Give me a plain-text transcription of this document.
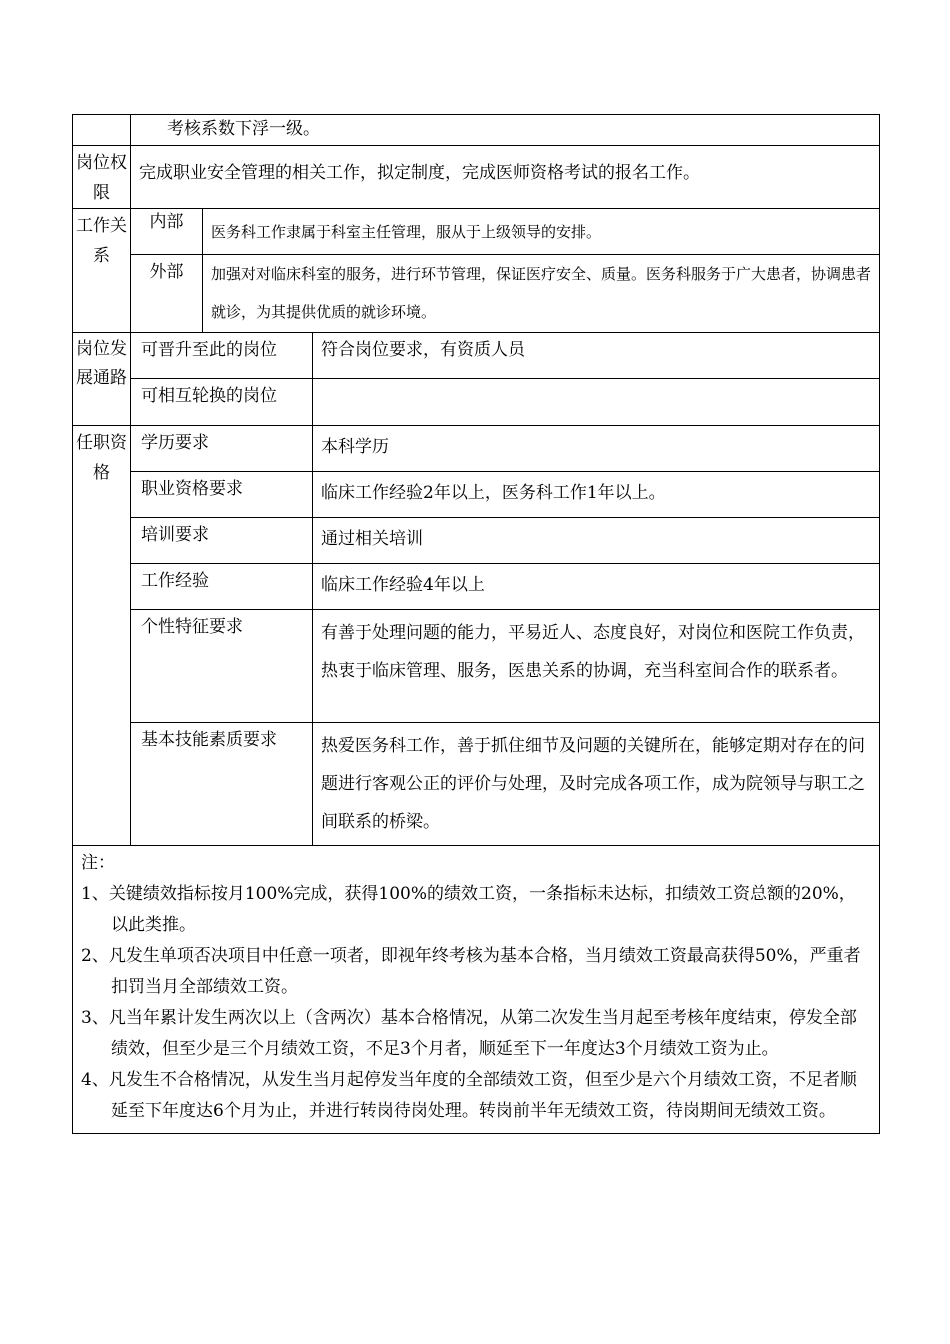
	考核系数下浮一级。		
岗位权限	完成职业安全管理的相关工作，拟定制度，完成医师资格考试的报名工作。		
工作关系	内部	医务科工作隶属于科室主任管理，服从于上级领导的安排。	
	外部	加强对对临床科室的服务，进行环节管理，保证医疗安全、质量。医务科服务于广大患者，协调患者就诊，为其提供优质的就诊环境。	
岗位发展通路	可晋升至此的岗位		符合岗位要求，有资质人员
	可相互轮换的岗位		
任职资格	学历要求		本科学历
	职业资格要求		临床工作经验2年以上，医务科工作1年以上。
	培训要求		通过相关培训
	工作经验		临床工作经验4年以上
	个性特征要求		有善于处理问题的能力，平易近人、态度良好，对岗位和医院工作负责，热衷于临床管理、服务，医患关系的协调，充当科室间合作的联系者。
	基本技能素质要求		热爱医务科工作，善于抓住细节及问题的关键所在，能够定期对存在的问题进行客观公正的评价与处理，及时完成各项工作，成为院领导与职工之间联系的桥梁。

注：
1、关键绩效指标按月100%完成，获得100%的绩效工资，一条指标未达标，扣绩效工资总额的20%，以此类推。
2、凡发生单项否决项目中任意一项者，即视年终考核为基本合格，当月绩效工资最高获得50%，严重者扣罚当月全部绩效工资。
3、凡当年累计发生两次以上（含两次）基本合格情况，从第二次发生当月起至考核年度结束，停发全部绩效，但至少是三个月绩效工资，不足3个月者，顺延至下一年度达3个月绩效工资为止。
4、凡发生不合格情况，从发生当月起停发当年度的全部绩效工资，但至少是六个月绩效工资，不足者顺延至下年度达6个月为止，并进行转岗待岗处理。转岗前半年无绩效工资，待岗期间无绩效工资。			
